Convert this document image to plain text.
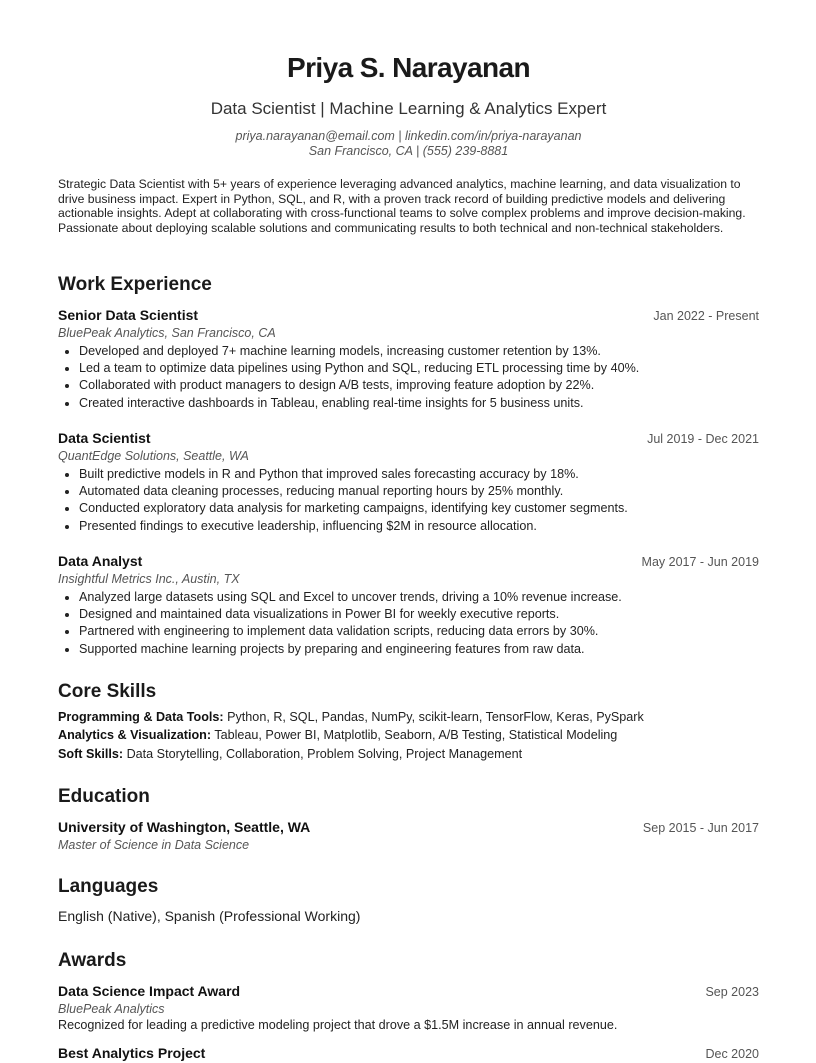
Priya S. Narayanan
Data Scientist | Machine Learning & Analytics Expert
priya.narayanan@email.com | linkedin.com/in/priya-narayanan
San Francisco, CA | (555) 239-8881
Strategic Data Scientist with 5+ years of experience leveraging advanced analytics, machine learning, and data visualization to drive business impact. Expert in Python, SQL, and R, with a proven track record of building predictive models and delivering actionable insights. Adept at collaborating with cross-functional teams to solve complex problems and improve decision-making. Passionate about deploying scalable solutions and communicating results to both technical and non-technical stakeholders.
Work Experience
Senior Data Scientist	Jan 2022 - Present
BluePeak Analytics, San Francisco, CA
• Developed and deployed 7+ machine learning models, increasing customer retention by 13%.
• Led a team to optimize data pipelines using Python and SQL, reducing ETL processing time by 40%.
• Collaborated with product managers to design A/B tests, improving feature adoption by 22%.
• Created interactive dashboards in Tableau, enabling real-time insights for 5 business units.
Data Scientist	Jul 2019 - Dec 2021
QuantEdge Solutions, Seattle, WA
• Built predictive models in R and Python that improved sales forecasting accuracy by 18%.
• Automated data cleaning processes, reducing manual reporting hours by 25% monthly.
• Conducted exploratory data analysis for marketing campaigns, identifying key customer segments.
• Presented findings to executive leadership, influencing $2M in resource allocation.
Data Analyst	May 2017 - Jun 2019
Insightful Metrics Inc., Austin, TX
• Analyzed large datasets using SQL and Excel to uncover trends, driving a 10% revenue increase.
• Designed and maintained data visualizations in Power BI for weekly executive reports.
• Partnered with engineering to implement data validation scripts, reducing data errors by 30%.
• Supported machine learning projects by preparing and engineering features from raw data.
Core Skills
Programming & Data Tools: Python, R, SQL, Pandas, NumPy, scikit-learn, TensorFlow, Keras, PySpark
Analytics & Visualization: Tableau, Power BI, Matplotlib, Seaborn, A/B Testing, Statistical Modeling
Soft Skills: Data Storytelling, Collaboration, Problem Solving, Project Management
Education
University of Washington, Seattle, WA	Sep 2015 - Jun 2017
Master of Science in Data Science
Languages
English (Native), Spanish (Professional Working)
Awards
Data Science Impact Award	Sep 2023
BluePeak Analytics
Recognized for leading a predictive modeling project that drove a $1.5M increase in annual revenue.
Best Analytics Project	Dec 2020
